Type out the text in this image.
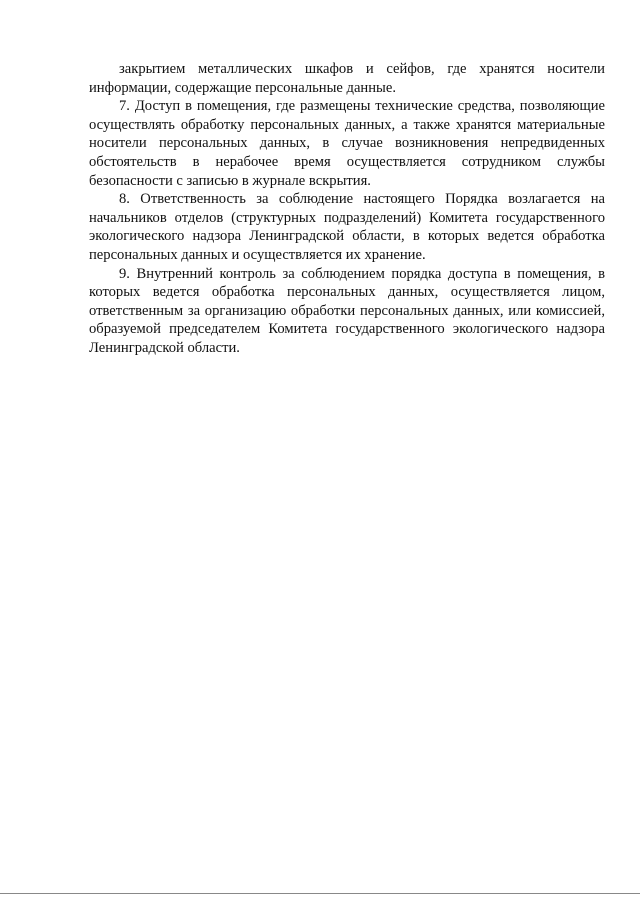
закрытием металлических шкафов и сейфов, где хранятся носители информации, содержащие персональные данные.

7. Доступ в помещения, где размещены технические средства, позволяющие осуществлять обработку персональных данных, а также хранятся материальные носители персональных данных, в случае возникновения непредвиденных обстоятельств в нерабочее время осуществляется сотрудником службы безопасности с записью в журнале вскрытия.

8. Ответственность за соблюдение настоящего Порядка возлагается на начальников отделов (структурных подразделений) Комитета государственного экологического надзора Ленинградской области, в которых ведется обработка персональных данных и осуществляется их хранение.

9. Внутренний контроль за соблюдением порядка доступа в помещения, в которых ведется обработка персональных данных, осуществляется лицом, ответственным за организацию обработки персональных данных, или комиссией, образуемой председателем Комитета государственного экологического надзора Ленинградской области.
